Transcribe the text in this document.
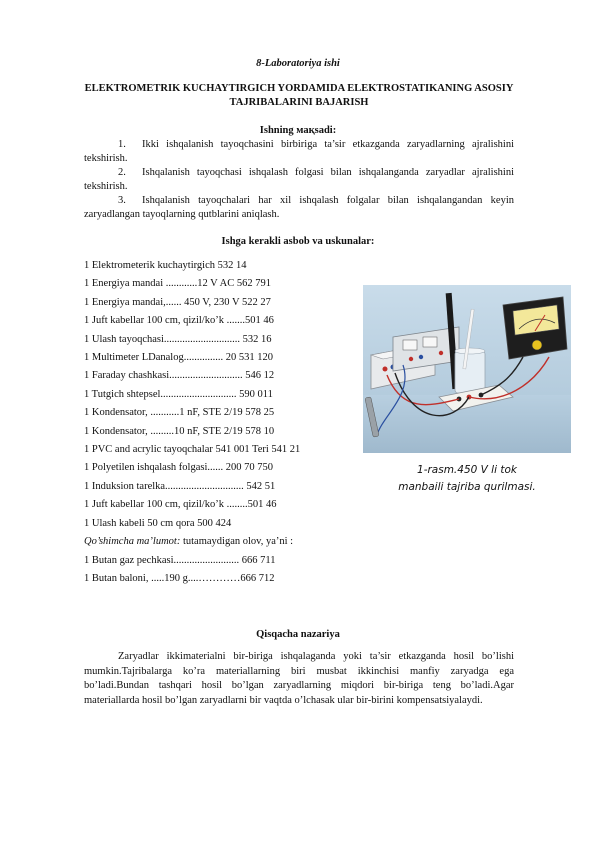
8-Laboratoriya ishi
ELEKTROMETRIK KUCHAYTIRGICH YORDAMIDA ELEKTROSTATIKANING ASOSIY TAJRIBALARINI BAJARISH
Ishning мақsadi:
1. Ikki ishqalanish tayoqchasini birbiriga ta’sir etkazganda zaryadlarning ajralishini tekshirish.
2. Ishqalanish tayoqchasi ishqalash folgasi bilan ishqalanganda zaryadlar ajralishini tekshirish.
3. Ishqalanish tayoqchalari har xil ishqalash folgalar bilan ishqalangandan keyin zaryadlangan tayoqlarning qutblarini aniqlash.
Ishga kerakli asbob va uskunalar:
1 Elektrometerik kuchaytirgich 532 14
1 Energiya mandai ............12 V AC 562 791
1 Energiya mandai,...... 450 V, 230 V 522 27
1 Juft kabellar 100 cm, qizil/ko’k .......501 46
1 Ulash tayoqchasi............................. 532 16
1 Multimeter LDanalog............... 20 531 120
1 Faraday chashkasi............................ 546 12
1 Tutgich shtepsel............................. 590 011
1 Kondensator, ...........1 nF, STE 2/19 578 25
1 Kondensator, .........10 nF, STE 2/19 578 10
1 PVC and acrylic tayoqchalar 541 001 Teri 541 21
1 Polyetilen ishqalash folgasi...... 200 70 750
1 Induksion tarelka.............................. 542 51
1 Juft kabellar 100 cm, qizil/ko’k ........501 46
1 Ulash kabeli 50 cm qora 500 424
Qo’shimcha ma’lumot: tutamaydigan olov, ya’ni :
1 Butan gaz pechkasi......................... 666 711
1 Butan baloni, .....190 g....…………666 712
1-rasm.450 V li tok
manbaili tajriba qurilmasi.
Qisqacha nazariya
Zaryadlar ikkimaterialni bir-biriga ishqalaganda yoki ta’sir etkazganda hosil bo’lishi mumkin.Tajribalarga ko’ra materiallarning biri musbat ikkinchisi manfiy zaryadga ega bo’ladi.Bundan tashqari hosil bo’lgan zaryadlarning miqdori bir-biriga teng bo’ladi.Agar materiallarda hosil bo’lgan zaryadlarni bir vaqtda o’lchasak ular bir-birini kompensatsiyalaydi.
